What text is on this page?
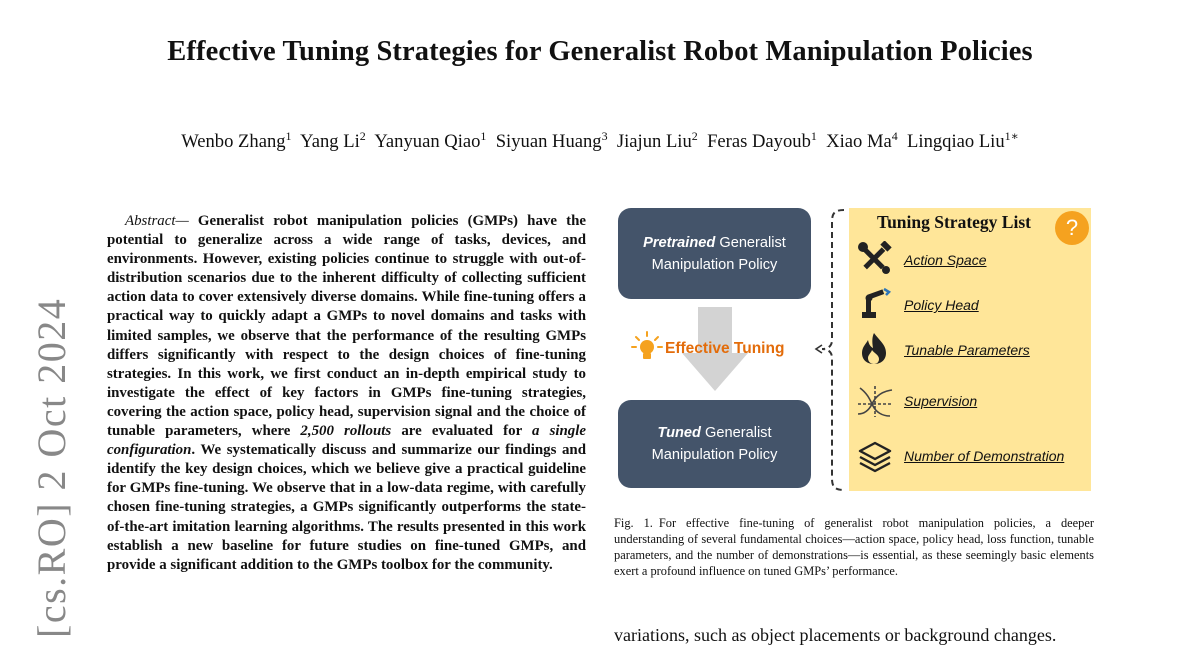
Effective Tuning Strategies for Generalist Robot Manipulation Policies
Wenbo Zhang$^1$ Yang Li$^2$ Yanyuan Qiao$^1$ Siyuan Huang$^3$ Jiajun Liu$^2$ Feras Dayoub$^1$ Xiao Ma$^4$ Lingqiao Liu$^{1∗}$
[cs.RO] 2 Oct 2024
Abstract— Generalist robot manipulation policies (GMPs) have the potential to generalize across a wide range of tasks, devices, and environments. However, existing policies continue to struggle with out-of-distribution scenarios due to the inherent difficulty of collecting sufficient action data to cover extensively diverse domains. While fine-tuning offers a practical way to quickly adapt a GMPs to novel domains and tasks with limited samples, we observe that the performance of the resulting GMPs differs significantly with respect to the design choices of fine-tuning strategies. In this work, we first conduct an in-depth empirical study to investigate the effect of key factors in GMPs fine-tuning strategies, covering the action space, policy head, supervision signal and the choice of tunable parameters, where 2,500 rollouts are evaluated for a single configuration. We systematically discuss and summarize our findings and identify the key design choices, which we believe give a practical guideline for GMPs fine-tuning. We observe that in a low-data regime, with carefully chosen fine-tuning strategies, a GMPs significantly outperforms the state-of-the-art imitation learning algorithms. The results presented in this work establish a new baseline for future studies on fine-tuned GMPs, and provide a significant addition to the GMPs toolbox for the community.
Pretrained Generalist
Manipulation Policy
Effective Tuning
Tuned Generalist
Manipulation Policy
Tuning Strategy List	?
Action Space
Policy Head
Tunable Parameters
Supervision
Number of Demonstration
Fig. 1. For effective fine-tuning of generalist robot manipulation policies, a deeper understanding of several fundamental choices—action space, policy head, loss function, tunable parameters, and the number of demonstrations—is essential, as these seemingly basic elements exert a profound influence on tuned GMPs’ performance.
variations, such as object placements or background changes.
